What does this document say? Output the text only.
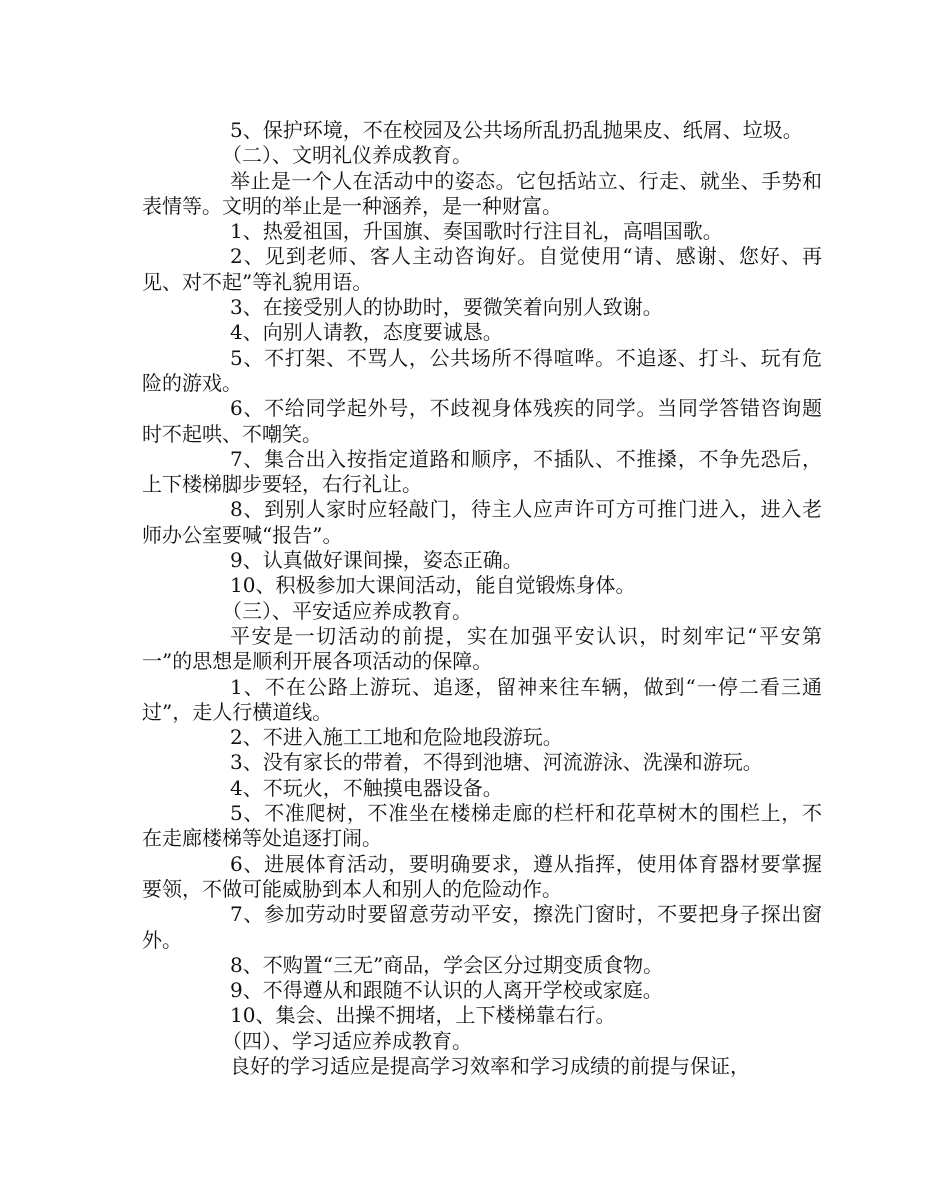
5、保护环境，不在校园及公共场所乱扔乱抛果皮、纸屑、垃圾。

（二）、文明礼仪养成教育。

举止是一个人在活动中的姿态。它包括站立、行走、就坐、手势和表情等。文明的举止是一种涵养，是一种财富。

1、热爱祖国，升国旗、奏国歌时行注目礼，高唱国歌。

2、见到老师、客人主动咨询好。自觉使用“请、感谢、您好、再见、对不起”等礼貌用语。

3、在接受别人的协助时，要微笑着向别人致谢。

4、向别人请教，态度要诚恳。

5、不打架、不骂人，公共场所不得喧哗。不追逐、打斗、玩有危险的游戏。

6、不给同学起外号，不歧视身体残疾的同学。当同学答错咨询题时不起哄、不嘲笑。

7、集合出入按指定道路和顺序，不插队、不推搡，不争先恐后，上下楼梯脚步要轻，右行礼让。

8、到别人家时应轻敲门，待主人应声许可方可推门进入，进入老师办公室要喊“报告”。

9、认真做好课间操，姿态正确。

10、积极参加大课间活动，能自觉锻炼身体。

（三）、平安适应养成教育。

平安是一切活动的前提，实在加强平安认识，时刻牢记“平安第一”的思想是顺利开展各项活动的保障。

1、不在公路上游玩、追逐，留神来往车辆，做到“一停二看三通过”，走人行横道线。

2、不进入施工工地和危险地段游玩。

3、没有家长的带着，不得到池塘、河流游泳、洗澡和游玩。

4、不玩火，不触摸电器设备。

5、不准爬树，不准坐在楼梯走廊的栏杆和花草树木的围栏上，不在走廊楼梯等处追逐打闹。

6、进展体育活动，要明确要求，遵从指挥，使用体育器材要掌握要领，不做可能威胁到本人和别人的危险动作。

7、参加劳动时要留意劳动平安，擦洗门窗时，不要把身子探出窗外。

8、不购置“三无”商品，学会区分过期变质食物。

9、不得遵从和跟随不认识的人离开学校或家庭。

10、集会、出操不拥堵，上下楼梯靠右行。

（四）、学习适应养成教育。

良好的学习适应是提高学习效率和学习成绩的前提与保证，
